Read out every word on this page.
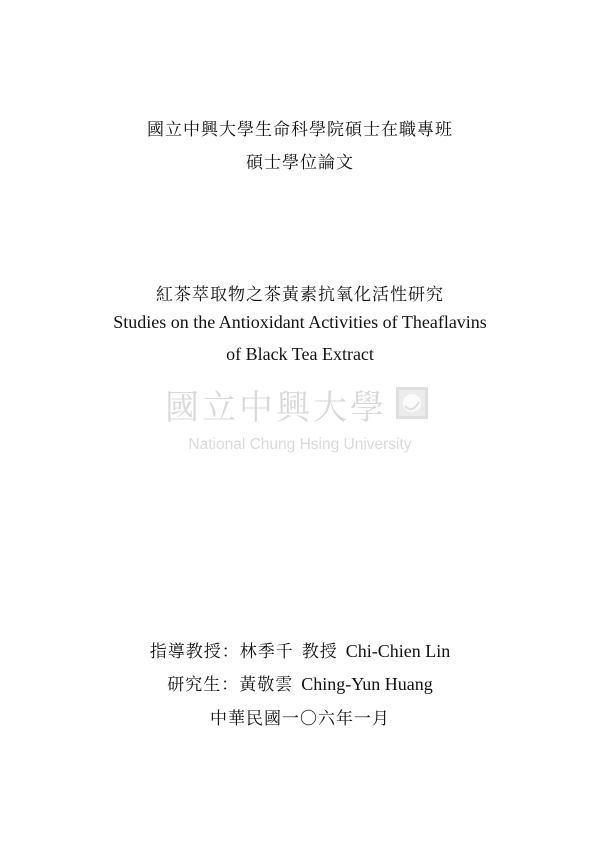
國立中興大學生命科學院碩士在職專班
碩士學位論文
紅茶萃取物之茶黃素抗氧化活性研究
Studies on the Antioxidant Activities of Theaflavins
of Black Tea Extract
國立中興大學
National Chung Hsing University
指導教授：林季千 教授 Chi-Chien Lin
研究生：黃敬雲 Ching-Yun Huang
中華民國一〇六年一月
